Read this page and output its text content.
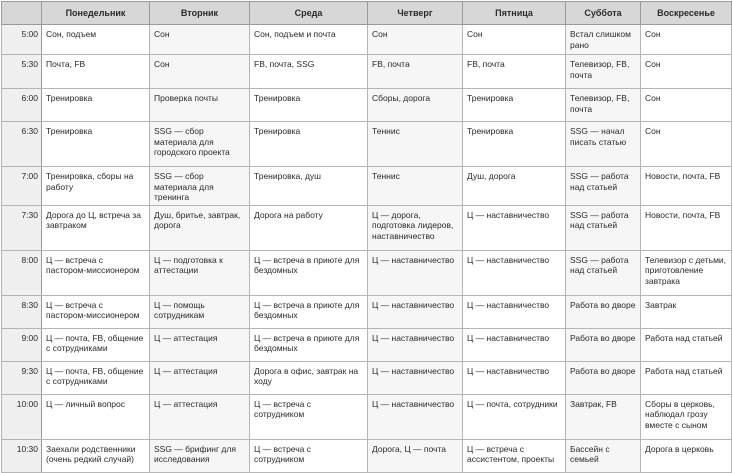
	Понедельник	Вторник	Среда	Четверг	Пятница	Суббота	Воскресенье
5:00	Сон, подъем	Сон	Сон, подъем и почта	Сон	Сон	Встал слишком рано	Сон
5:30	Почта, FB	Сон	FB, почта, SSG	FB, почта	FB, почта	Телевизор, FB, почта	Сон
6:00	Тренировка	Проверка почты	Тренировка	Сборы, дорога	Тренировка	Телевизор, FB, почта	Сон
6:30	Тренировка	SSG — сбор материала для городского проекта	Тренировка	Теннис	Тренировка	SSG — начал писать статью	Сон
7:00	Тренировка, сборы на работу	SSG — сбор материала для тренинга	Тренировка, душ	Теннис	Душ, дорога	SSG — работа над статьей	Новости, почта, FB
7:30	Дорога до Ц, встреча за завтраком	Душ, бритье, завтрак, дорога	Дорога на работу	Ц — дорога, подготовка лидеров, наставничество	Ц — наставничество	SSG — работа над статьей	Новости, почта, FB
8:00	Ц — встреча с пастором-миссионером	Ц — подготовка к аттестации	Ц — встреча в приюте для бездомных	Ц — наставничество	Ц — наставничество	SSG — работа над статьей	Телевизор с детьми, приготовление завтрака
8:30	Ц — встреча с пастором-миссионером	Ц — помощь сотрудникам	Ц — встреча в приюте для бездомных	Ц — наставничество	Ц — наставничество	Работа во дворе	Завтрак
9:00	Ц — почта, FB, общение с сотрудниками	Ц — аттестация	Ц — встреча в приюте для бездомных	Ц — наставничество	Ц — наставничество	Работа во дворе	Работа над статьей
9:30	Ц — почта, FB, общение с сотрудниками	Ц — аттестация	Дорога в офис, завтрак на ходу	Ц — наставничество	Ц — наставничество	Работа во дворе	Работа над статьей
10:00	Ц — личный вопрос	Ц — аттестация	Ц — встреча с сотрудником	Ц — наставничество	Ц — почта, сотрудники	Завтрак, FB	Сборы в церковь, наблюдал грозу вместе с сыном
10:30	Заехали родственники (очень редкий случай)	SSG — брифинг для исследования	Ц — встреча с сотрудником	Дорога, Ц — почта	Ц — встреча с ассистентом, проекты	Бассейн с семьей	Дорога в церковь
